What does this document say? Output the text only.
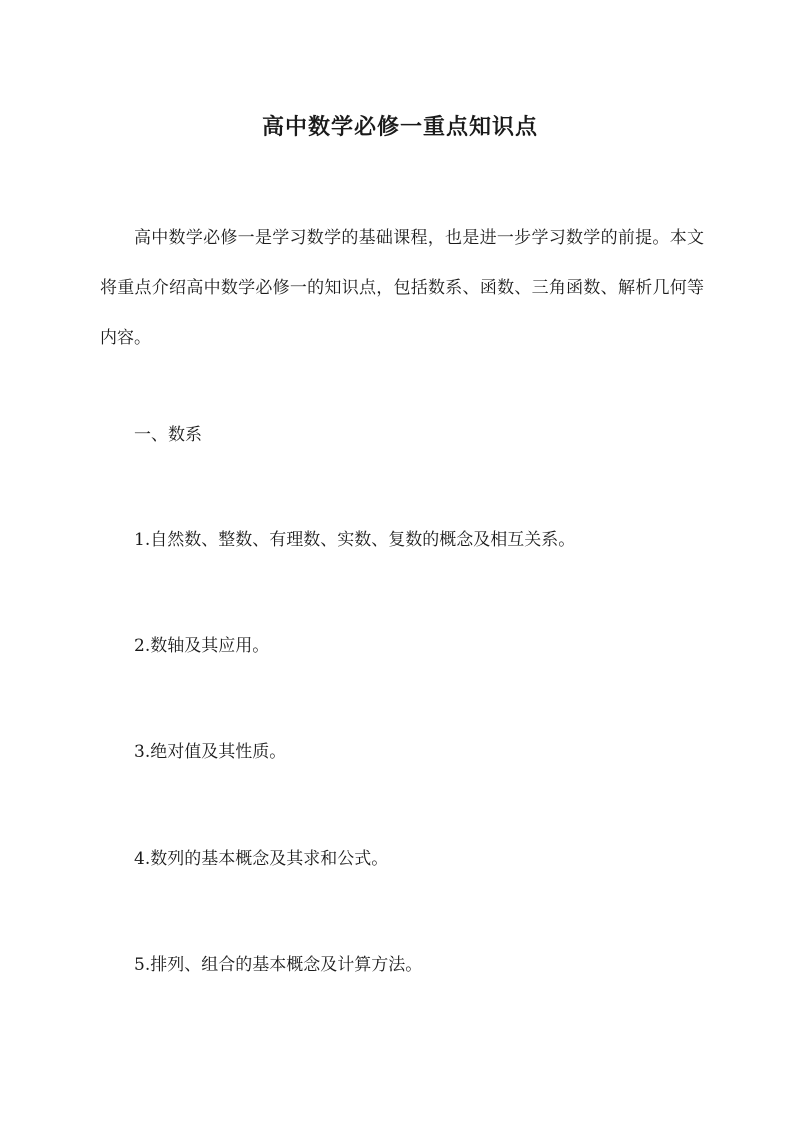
高中数学必修一重点知识点

高中数学必修一是学习数学的基础课程，也是进一步学习数学的前提。本文将重点介绍高中数学必修一的知识点，包括数系、函数、三角函数、解析几何等内容。

一、数系

1.自然数、整数、有理数、实数、复数的概念及相互关系。

2.数轴及其应用。

3.绝对值及其性质。

4.数列的基本概念及其求和公式。

5.排列、组合的基本概念及计算方法。
